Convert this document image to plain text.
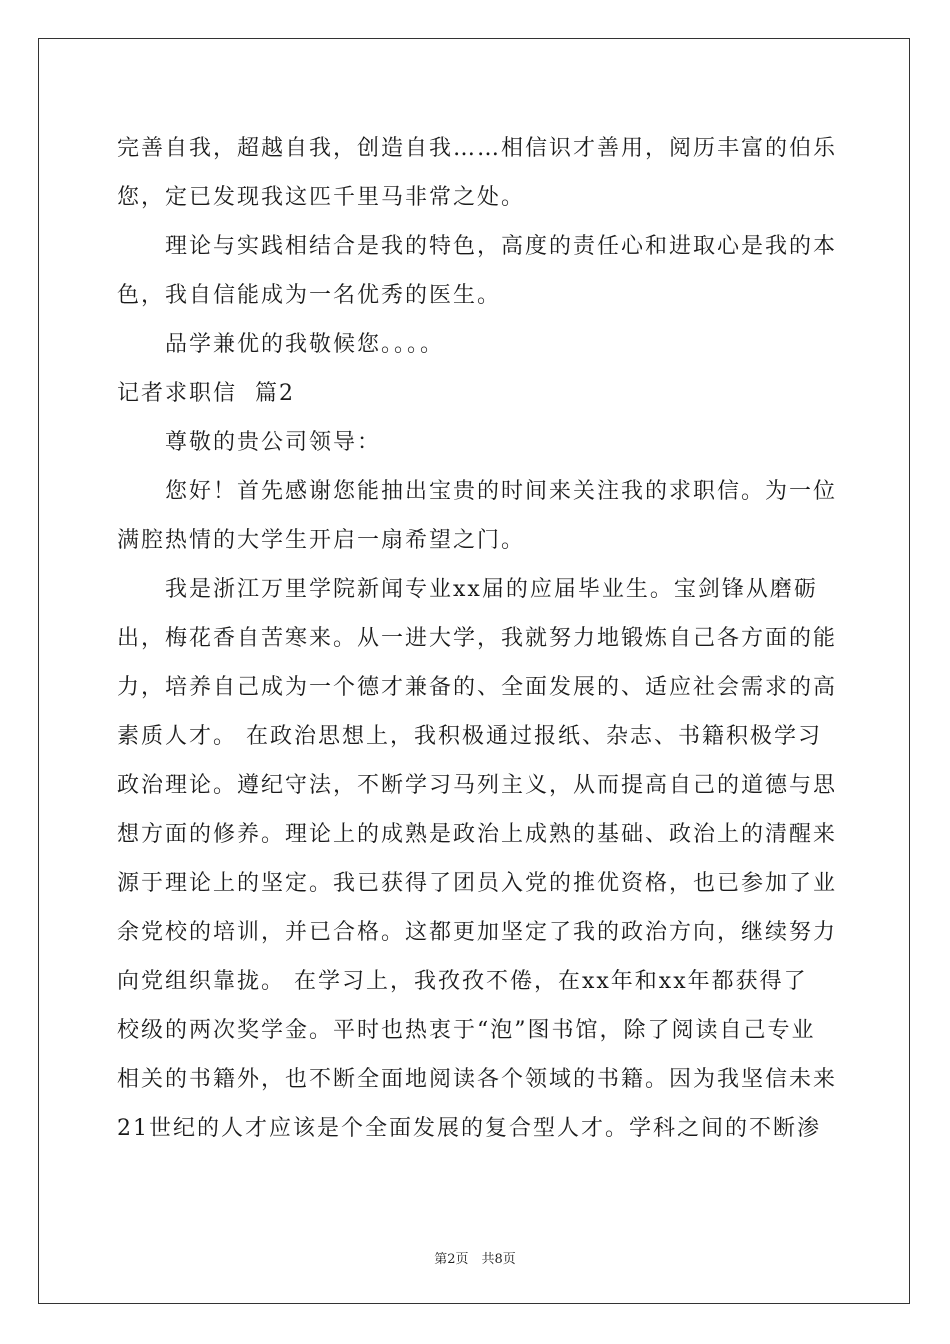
完善自我，超越自我，创造自我……相信识才善用，阅历丰富的伯乐
您，定已发现我这匹千里马非常之处。
理论与实践相结合是我的特色，高度的责任心和进取心是我的本
色，我自信能成为一名优秀的医生。
品学兼优的我敬候您。。。。
记者求职信  篇2
尊敬的贵公司领导：
您好！首先感谢您能抽出宝贵的时间来关注我的求职信。为一位
满腔热情的大学生开启一扇希望之门。
我是浙江万里学院新闻专业xx届的应届毕业生。宝剑锋从磨砺
出，梅花香自苦寒来。从一进大学，我就努力地锻炼自己各方面的能
力，培养自己成为一个德才兼备的、全面发展的、适应社会需求的高
素质人才。 在政治思想上，我积极通过报纸、杂志、书籍积极学习
政治理论。遵纪守法，不断学习马列主义，从而提高自己的道德与思
想方面的修养。理论上的成熟是政治上成熟的基础、政治上的清醒来
源于理论上的坚定。我已获得了团员入党的推优资格，也已参加了业
余党校的培训，并已合格。这都更加坚定了我的政治方向，继续努力
向党组织靠拢。 在学习上，我孜孜不倦，在xx年和xx年都获得了
校级的两次奖学金。平时也热衷于“泡”图书馆，除了阅读自己专业
相关的书籍外，也不断全面地阅读各个领域的书籍。因为我坚信未来
21世纪的人才应该是个全面发展的复合型人才。学科之间的不断渗
第2页　共8页
